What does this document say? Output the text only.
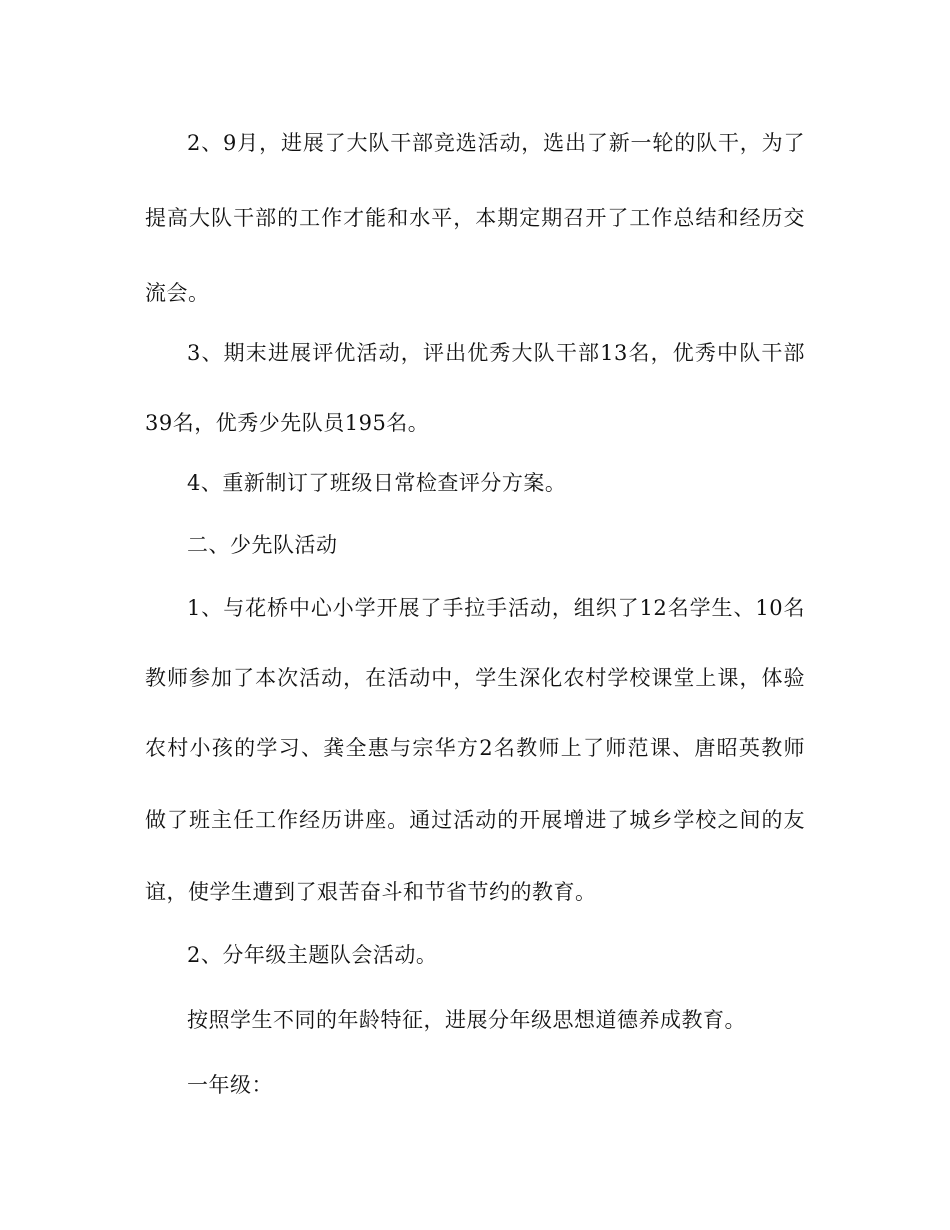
2、9月，进展了大队干部竞选活动，选出了新一轮的队干，为了
提高大队干部的工作才能和水平，本期定期召开了工作总结和经历交
流会。
3、期末进展评优活动，评出优秀大队干部13名，优秀中队干部
39名，优秀少先队员195名。
4、重新制订了班级日常检查评分方案。
二、少先队活动
1、与花桥中心小学开展了手拉手活动，组织了12名学生、10名
教师参加了本次活动，在活动中，学生深化农村学校课堂上课，体验
农村小孩的学习、龚全惠与宗华方2名教师上了师范课、唐昭英教师
做了班主任工作经历讲座。通过活动的开展增进了城乡学校之间的友
谊，使学生遭到了艰苦奋斗和节省节约的教育。
2、分年级主题队会活动。
按照学生不同的年龄特征，进展分年级思想道德养成教育。
一年级：
